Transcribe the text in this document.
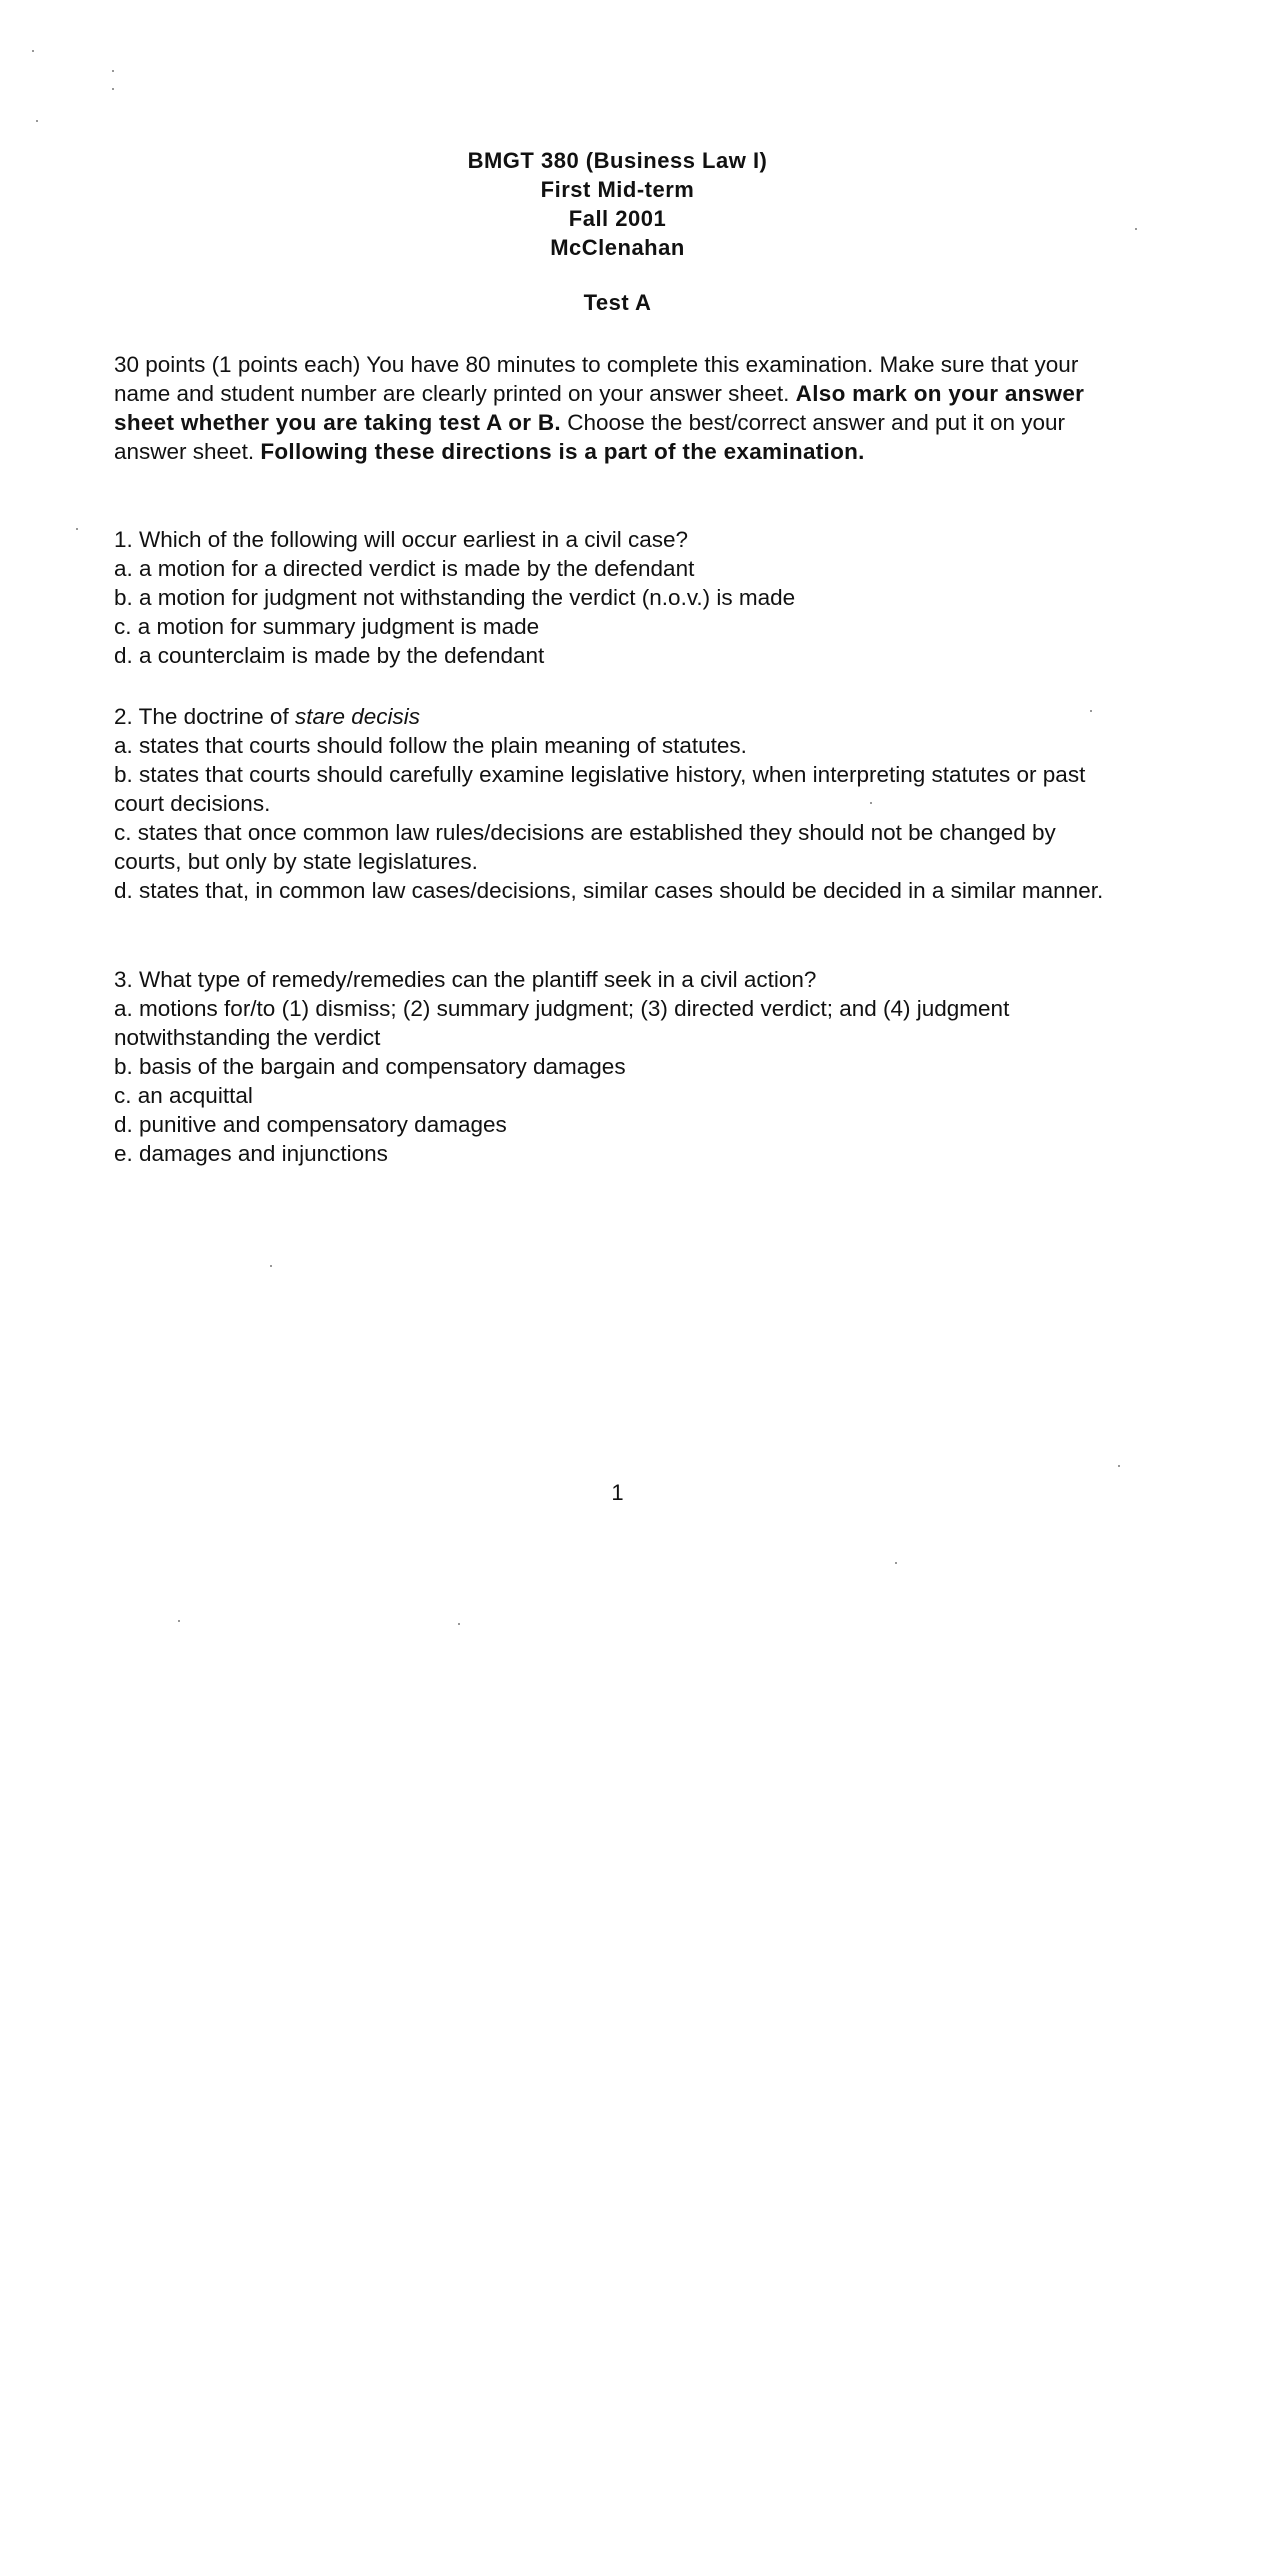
BMGT 380 (Business Law I)
First Mid-term
Fall 2001
McClenahan
Test A
30 points (1 points each) You have 80 minutes to complete this examination. Make sure that your name and student number are clearly printed on your answer sheet. Also mark on your answer sheet whether you are taking test A or B. Choose the best/correct answer and put it on your answer sheet. Following these directions is a part of the examination.
1. Which of the following will occur earliest in a civil case?
a. a motion for a directed verdict is made by the defendant
b. a motion for judgment not withstanding the verdict (n.o.v.) is made
c. a motion for summary judgment is made
d. a counterclaim is made by the defendant
2. The doctrine of stare decisis
a. states that courts should follow the plain meaning of statutes.
b. states that courts should carefully examine legislative history, when interpreting statutes or past court decisions.
c. states that once common law rules/decisions are established they should not be changed by courts, but only by state legislatures.
d. states that, in common law cases/decisions, similar cases should be decided in a similar manner.
3. What type of remedy/remedies can the plantiff seek in a civil action?
a. motions for/to (1) dismiss; (2) summary judgment; (3) directed verdict; and (4) judgment notwithstanding the verdict
b. basis of the bargain and compensatory damages
c. an acquittal
d. punitive and compensatory damages
e. damages and injunctions
1
